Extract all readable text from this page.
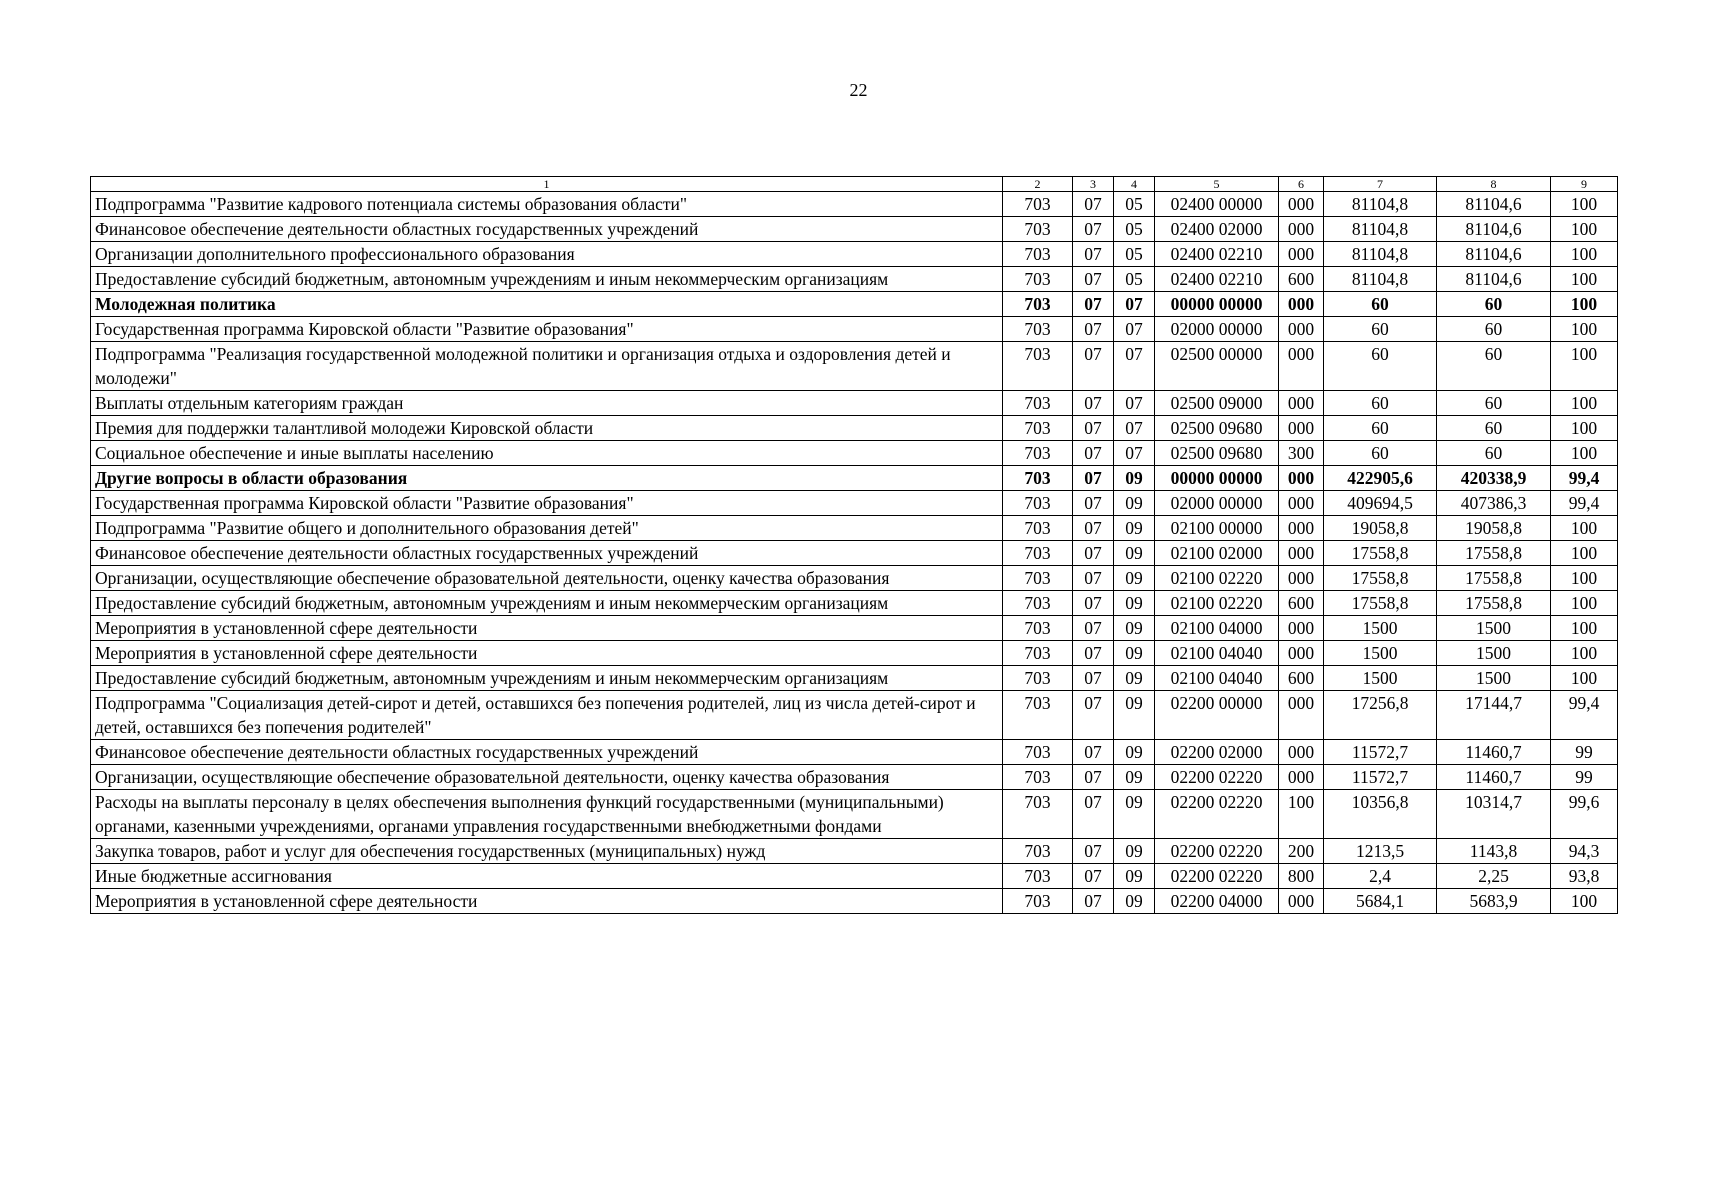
22
1	2	3	4	5	6	7	8	9
Подпрограмма "Развитие кадрового потенциала системы образования области"	703	07	05	02400 00000	000	81104,8	81104,6	100
Финансовое обеспечение деятельности областных государственных учреждений	703	07	05	02400 02000	000	81104,8	81104,6	100
Организации дополнительного профессионального образования	703	07	05	02400 02210	000	81104,8	81104,6	100
Предоставление субсидий бюджетным, автономным учреждениям и иным некоммерческим организациям	703	07	05	02400 02210	600	81104,8	81104,6	100
Молодежная политика	703	07	07	00000 00000	000	60	60	100
Государственная программа Кировской области "Развитие образования"	703	07	07	02000 00000	000	60	60	100
Подпрограмма "Реализация государственной молодежной политики и организация отдыха и оздоровления детей и молодежи"	703	07	07	02500 00000	000	60	60	100
Выплаты отдельным категориям граждан	703	07	07	02500 09000	000	60	60	100
Премия для поддержки талантливой молодежи Кировской области	703	07	07	02500 09680	000	60	60	100
Социальное обеспечение и иные выплаты населению	703	07	07	02500 09680	300	60	60	100
Другие вопросы в области образования	703	07	09	00000 00000	000	422905,6	420338,9	99,4
Государственная программа Кировской области "Развитие образования"	703	07	09	02000 00000	000	409694,5	407386,3	99,4
Подпрограмма "Развитие общего и дополнительного образования детей"	703	07	09	02100 00000	000	19058,8	19058,8	100
Финансовое обеспечение деятельности областных государственных учреждений	703	07	09	02100 02000	000	17558,8	17558,8	100
Организации, осуществляющие обеспечение образовательной деятельности, оценку качества образования	703	07	09	02100 02220	000	17558,8	17558,8	100
Предоставление субсидий бюджетным, автономным учреждениям и иным некоммерческим организациям	703	07	09	02100 02220	600	17558,8	17558,8	100
Мероприятия в установленной сфере деятельности	703	07	09	02100 04000	000	1500	1500	100
Мероприятия в установленной сфере деятельности	703	07	09	02100 04040	000	1500	1500	100
Предоставление субсидий бюджетным, автономным учреждениям и иным некоммерческим организациям	703	07	09	02100 04040	600	1500	1500	100
Подпрограмма "Социализация детей-сирот и детей, оставшихся без попечения родителей, лиц из числа детей-сирот и детей, оставшихся без попечения родителей"	703	07	09	02200 00000	000	17256,8	17144,7	99,4
Финансовое обеспечение деятельности областных государственных учреждений	703	07	09	02200 02000	000	11572,7	11460,7	99
Организации, осуществляющие обеспечение образовательной деятельности, оценку качества образования	703	07	09	02200 02220	000	11572,7	11460,7	99
Расходы на выплаты персоналу в целях обеспечения выполнения функций государственными (муниципальными) органами, казенными учреждениями, органами управления государственными внебюджетными фондами	703	07	09	02200 02220	100	10356,8	10314,7	99,6
Закупка товаров, работ и услуг для обеспечения государственных (муниципальных) нужд	703	07	09	02200 02220	200	1213,5	1143,8	94,3
Иные бюджетные ассигнования	703	07	09	02200 02220	800	2,4	2,25	93,8
Мероприятия в установленной сфере деятельности	703	07	09	02200 04000	000	5684,1	5683,9	100
